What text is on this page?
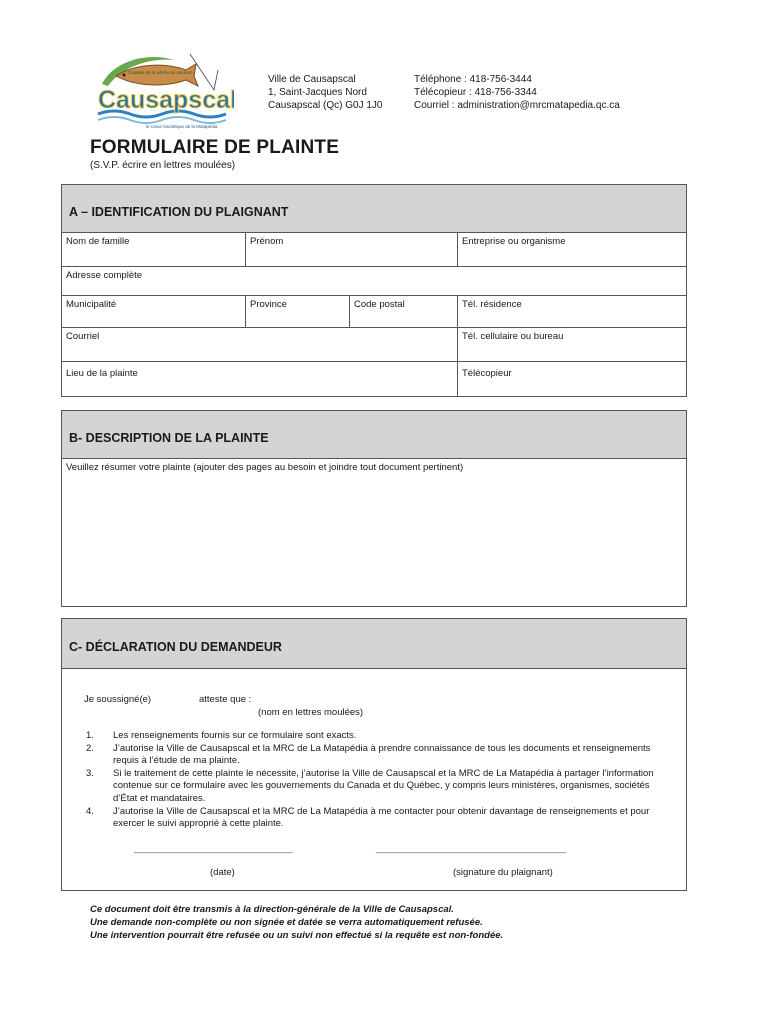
Causapscal
Capitale de la pêche au saumon
le coeur touristique de la Matapédia
Ville de Causapscal
1, Saint-Jacques Nord
Causapscal (Qc) G0J 1J0
Téléphone : 418-756-3444
Télécopieur : 418-756-3344
Courriel : administration@mrcmatapedia.qc.ca
FORMULAIRE DE PLAINTE
(S.V.P. écrire en lettres moulées)
A – IDENTIFICATION DU PLAIGNANT
Nom de famille	Prénom	Entreprise ou organisme
Adresse complète
Municipalité	Province	Code postal	Tél. résidence
Courriel	Tél. cellulaire ou bureau
Lieu de la plainte	Télécopieur
B- DESCRIPTION DE LA PLAINTE
Veuillez résumer votre plainte (ajouter des pages au besoin et joindre tout document pertinent)
C- DÉCLARATION DU DEMANDEUR
Je soussigné(e)	atteste que :
(nom en lettres moulées)
1.	Les renseignements fournis sur ce formulaire sont exacts.
2.	J’autorise la Ville de Causapscal et la MRC de La Matapédia à prendre connaissance de tous les documents et renseignements requis à l’étude de ma plainte.
3.	Si le traitement de cette plainte le nécessite, j’autorise la Ville de Causapscal et la MRC de La Matapédia à partager l’information contenue sur ce formulaire avec les gouvernements du Canada et du Québec, y compris leurs ministères, organismes, sociétés d’État et mandataires.
4.	J’autorise la Ville de Causapscal et la MRC de La Matapédia à me contacter pour obtenir davantage de renseignements et pour exercer le suivi approprié à cette plainte.
______________________________	____________________________________
(date)	(signature du plaignant)
Ce document doit être transmis à la direction-générale de la Ville de Causapscal.
Une demande non-complète ou non signée et datée se verra automatiquement refusée.
Une intervention pourrait être refusée ou un suivi non effectué si la requête est non-fondée.
